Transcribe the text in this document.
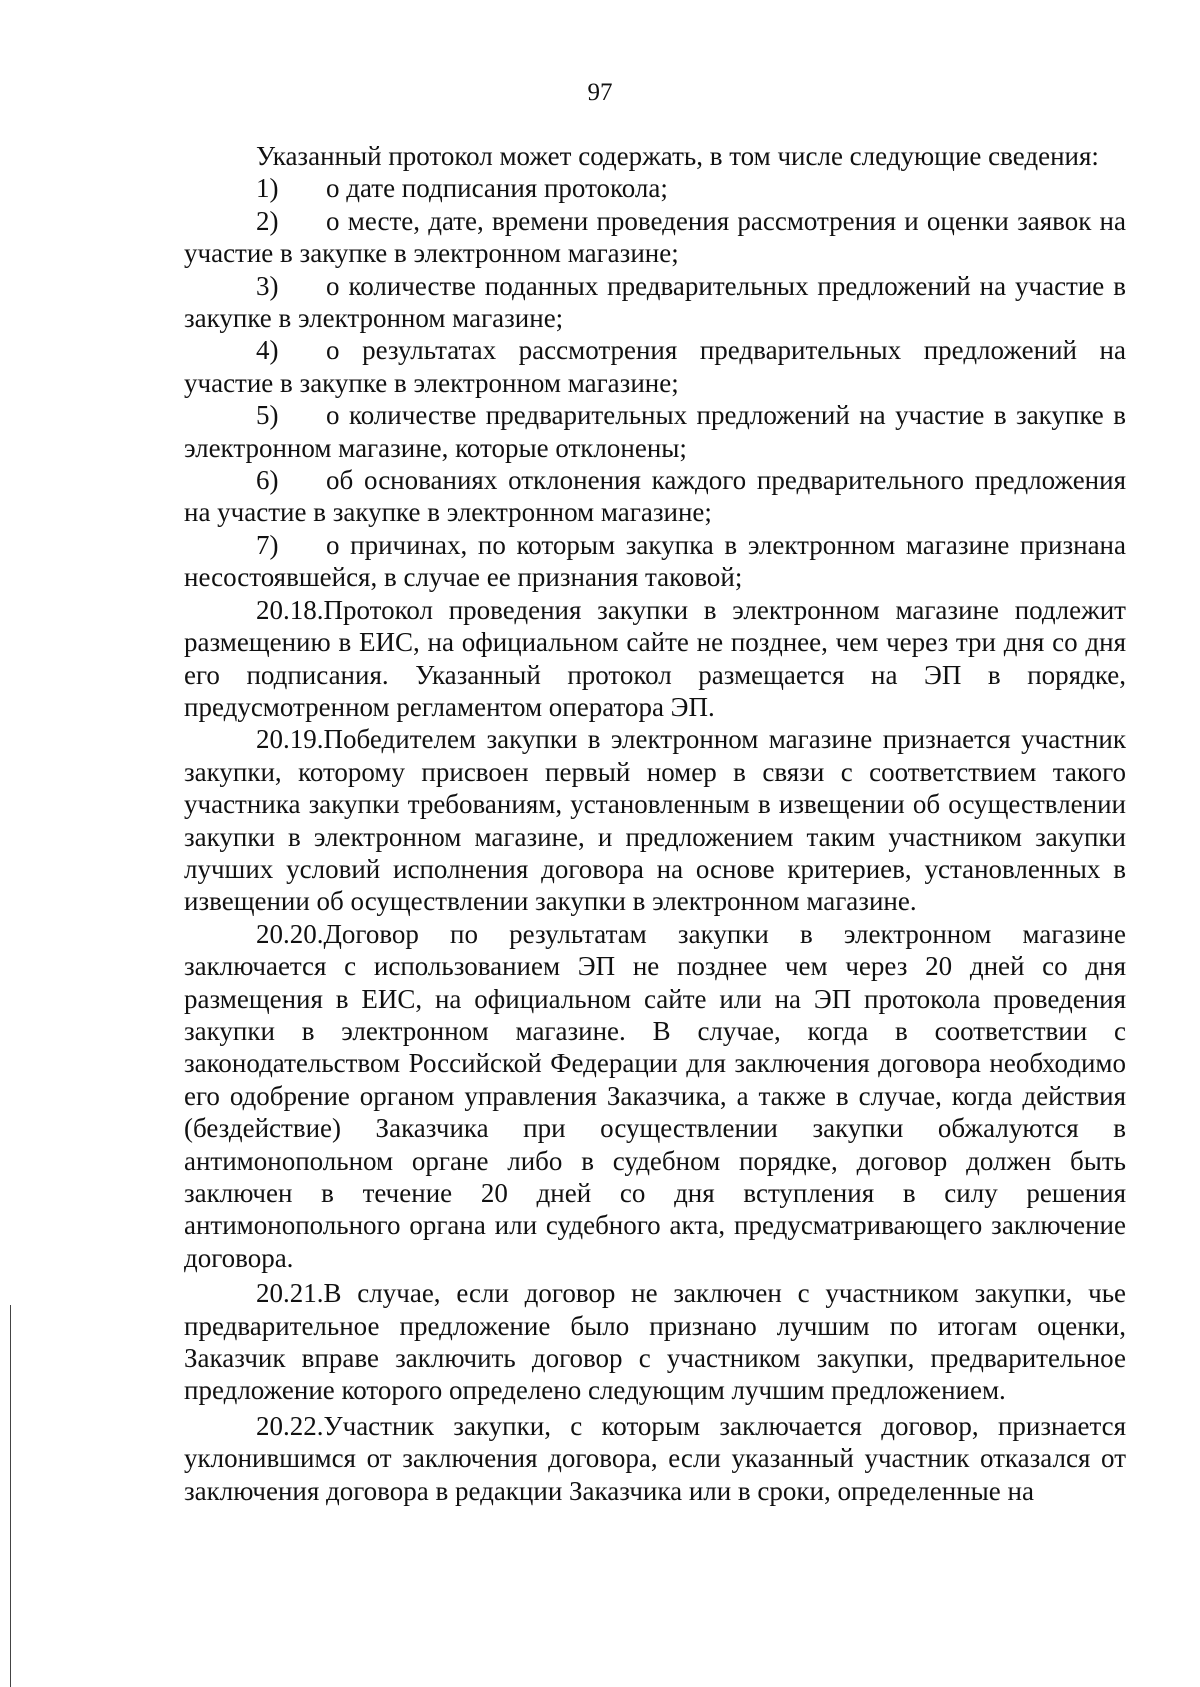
97

Указанный протокол может содержать, в том числе следующие сведения:

1) о дате подписания протокола;

2) о месте, дате, времени проведения рассмотрения и оценки заявок на участие в закупке в электронном магазине;

3) о количестве поданных предварительных предложений на участие в закупке в электронном магазине;

4) о результатах рассмотрения предварительных предложений на участие в закупке в электронном магазине;

5) о количестве предварительных предложений на участие в закупке в электронном магазине, которые отклонены;

6) об основаниях отклонения каждого предварительного предложения на участие в закупке в электронном магазине;

7) о причинах, по которым закупка в электронном магазине признана несостоявшейся, в случае ее признания таковой;

20.18.Протокол проведения закупки в электронном магазине подлежит размещению в ЕИС, на официальном сайте не позднее, чем через три дня со дня его подписания. Указанный протокол размещается на ЭП в порядке, предусмотренном регламентом оператора ЭП.

20.19.Победителем закупки в электронном магазине признается участник закупки, которому присвоен первый номер в связи с соответствием такого участника закупки требованиям, установленным в извещении об осуществлении закупки в электронном магазине, и предложением таким участником закупки лучших условий исполнения договора на основе критериев, установленных в извещении об осуществлении закупки в электронном магазине.

20.20.Договор по результатам закупки в электронном магазине заключается с использованием ЭП не позднее чем через 20 дней со дня размещения в ЕИС, на официальном сайте или на ЭП протокола проведения закупки в электронном магазине. В случае, когда в соответствии с законодательством Российской Федерации для заключения договора необходимо его одобрение органом управления Заказчика, а также в случае, когда действия (бездействие) Заказчика при осуществлении закупки обжалуются в антимонопольном органе либо в судебном порядке, договор должен быть заключен в течение 20 дней со дня вступления в силу решения антимонопольного органа или судебного акта, предусматривающего заключение договора.

20.21.В случае, если договор не заключен с участником закупки, чье предварительное предложение было признано лучшим по итогам оценки, Заказчик вправе заключить договор с участником закупки, предварительное предложение которого определено следующим лучшим предложением.

20.22.Участник закупки, с которым заключается договор, признается уклонившимся от заключения договора, если указанный участник отказался от заключения договора в редакции Заказчика или в сроки, определенные на
